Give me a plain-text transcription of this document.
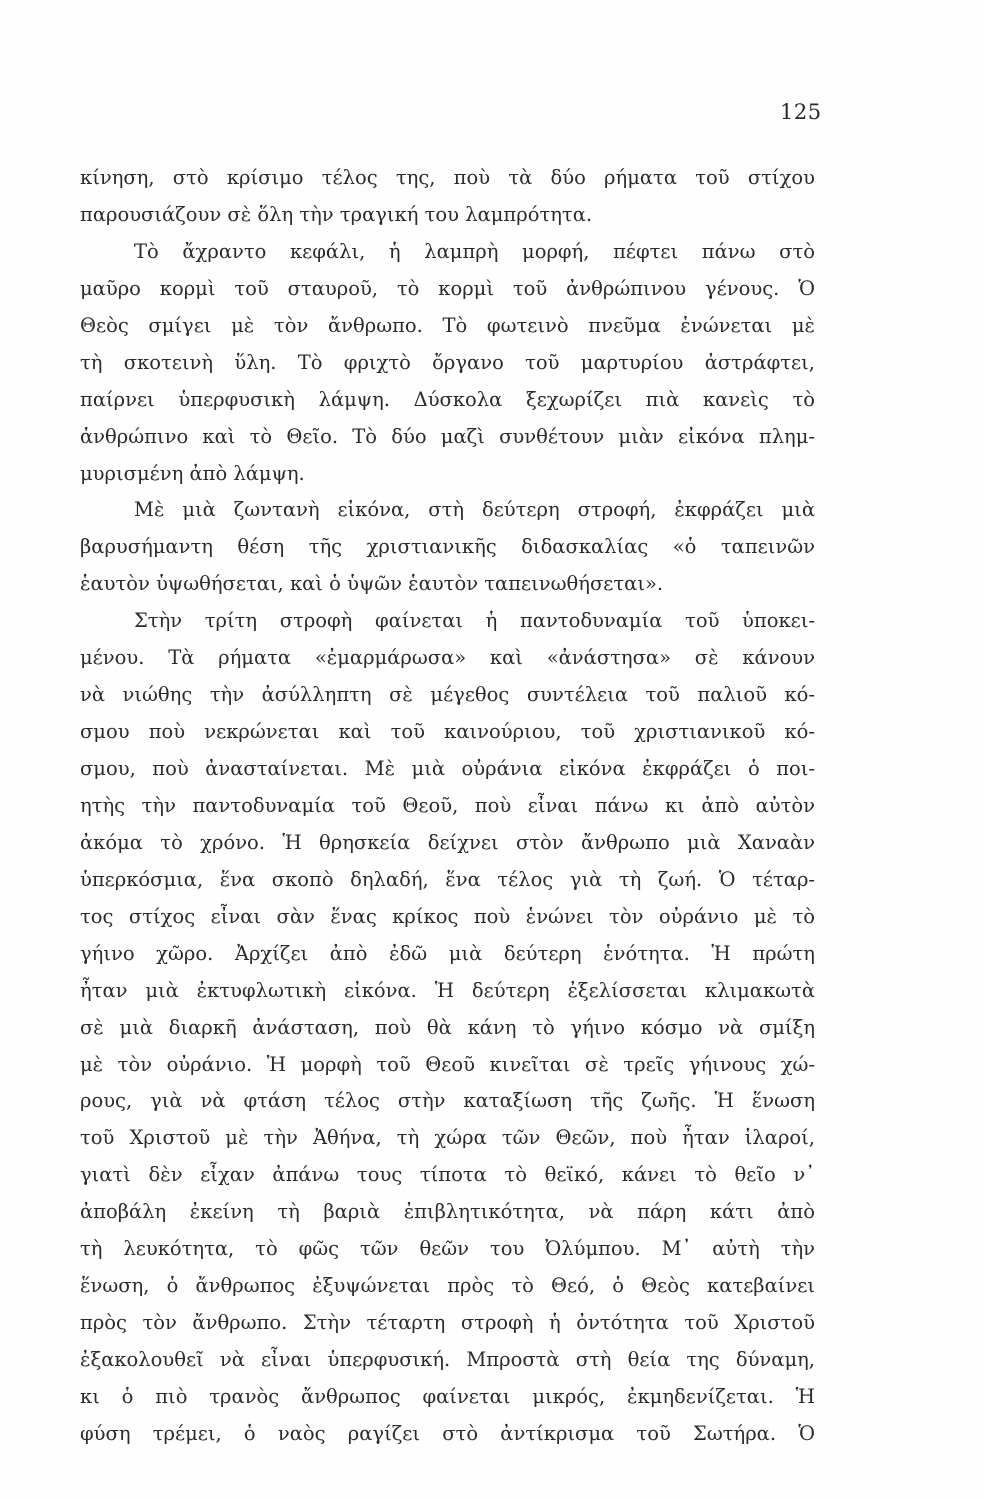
125
κίνηση, στὸ κρίσιμο τέλος της, ποὺ τὰ δύο ρήματα τοῦ στίχου
παρουσιάζουν σὲ ὅλη τὴν τραγική του λαμπρότητα.
Τὸ ἄχραντο κεφάλι, ἡ λαμπρὴ μορφή, πέφτει πάνω στὸ
μαῦρο κορμὶ τοῦ σταυροῦ, τὸ κορμὶ τοῦ ἀνθρώπινου γένους. Ὁ
Θεὸς σμίγει μὲ τὸν ἄνθρωπο. Τὸ φωτεινὸ πνεῦμα ἑνώνεται μὲ
τὴ σκοτεινὴ ὕλη. Τὸ φριχτὸ ὄργανο τοῦ μαρτυρίου ἀστράφτει,
παίρνει ὑπερφυσικὴ λάμψη. Δύσκολα ξεχωρίζει πιὰ κανεὶς τὸ
ἀνθρώπινο καὶ τὸ Θεῖο. Τὸ δύο μαζὶ συνθέτουν μιὰν εἰκόνα πλημ-
μυρισμένη ἀπὸ λάμψη.
Μὲ μιὰ ζωντανὴ εἰκόνα, στὴ δεύτερη στροφή, ἐκφράζει μιὰ
βαρυσήμαντη θέση τῆς χριστιανικῆς διδασκαλίας «ὁ ταπεινῶν
ἑαυτὸν ὑψωθήσεται, καὶ ὁ ὑψῶν ἑαυτὸν ταπεινωθήσεται».
Στὴν τρίτη στροφὴ φαίνεται ἡ παντοδυναμία τοῦ ὑποκει-
μένου. Τὰ ρήματα «ἐμαρμάρωσα» καὶ «ἀνάστησα» σὲ κάνουν
νὰ νιώθης τὴν ἀσύλληπτη σὲ μέγεθος συντέλεια τοῦ παλιοῦ κό-
σμου ποὺ νεκρώνεται καὶ τοῦ καινούριου, τοῦ χριστιανικοῦ κό-
σμου, ποὺ ἀνασταίνεται. Μὲ μιὰ οὐράνια εἰκόνα ἐκφράζει ὁ ποι-
ητὴς τὴν παντοδυναμία τοῦ Θεοῦ, ποὺ εἶναι πάνω κι ἀπὸ αὐτὸν
ἀκόμα τὸ χρόνο. Ἡ θρησκεία δείχνει στὸν ἄνθρωπο μιὰ Χαναὰν
ὑπερκόσμια, ἕνα σκοπὸ δηλαδή, ἕνα τέλος γιὰ τὴ ζωή. Ὁ τέταρ-
τος στίχος εἶναι σὰν ἕνας κρίκος ποὺ ἑνώνει τὸν οὐράνιο μὲ τὸ
γήινο χῶρο. Ἀρχίζει ἀπὸ ἐδῶ μιὰ δεύτερη ἑνότητα. Ἡ πρώτη
ἦταν μιὰ ἐκτυφλωτικὴ εἰκόνα. Ἡ δεύτερη ἐξελίσσεται κλιμακωτὰ
σὲ μιὰ διαρκῆ ἀνάσταση, ποὺ θὰ κάνη τὸ γήινο κόσμο νὰ σμίξη
μὲ τὸν οὐράνιο. Ἡ μορφὴ τοῦ Θεοῦ κινεῖται σὲ τρεῖς γήινους χώ-
ρους, γιὰ νὰ φτάση τέλος στὴν καταξίωση τῆς ζωῆς. Ἡ ἕνωση
τοῦ Χριστοῦ μὲ τὴν Ἀθήνα, τὴ χώρα τῶν Θεῶν, ποὺ ἦταν ἱλαροί,
γιατὶ δὲν εἶχαν ἀπάνω τους τίποτα τὸ θεϊκό, κάνει τὸ θεῖο ν᾽
ἀποβάλη ἐκείνη τὴ βαριὰ ἐπιβλητικότητα, νὰ πάρη κάτι ἀπὸ
τὴ λευκότητα, τὸ φῶς τῶν θεῶν του Ὀλύμπου. Μ᾽ αὐτὴ τὴν
ἕνωση, ὁ ἄνθρωπος ἐξυψώνεται πρὸς τὸ Θεό, ὁ Θεὸς κατεβαίνει
πρὸς τὸν ἄνθρωπο. Στὴν τέταρτη στροφὴ ἡ ὀντότητα τοῦ Χριστοῦ
ἐξακολουθεῖ νὰ εἶναι ὑπερφυσική. Μπροστὰ στὴ θεία της δύναμη,
κι ὁ πιὸ τρανὸς ἄνθρωπος φαίνεται μικρός, ἐκμηδενίζεται. Ἡ
φύση τρέμει, ὁ ναὸς ραγίζει στὸ ἀντίκρισμα τοῦ Σωτήρα. Ὁ
